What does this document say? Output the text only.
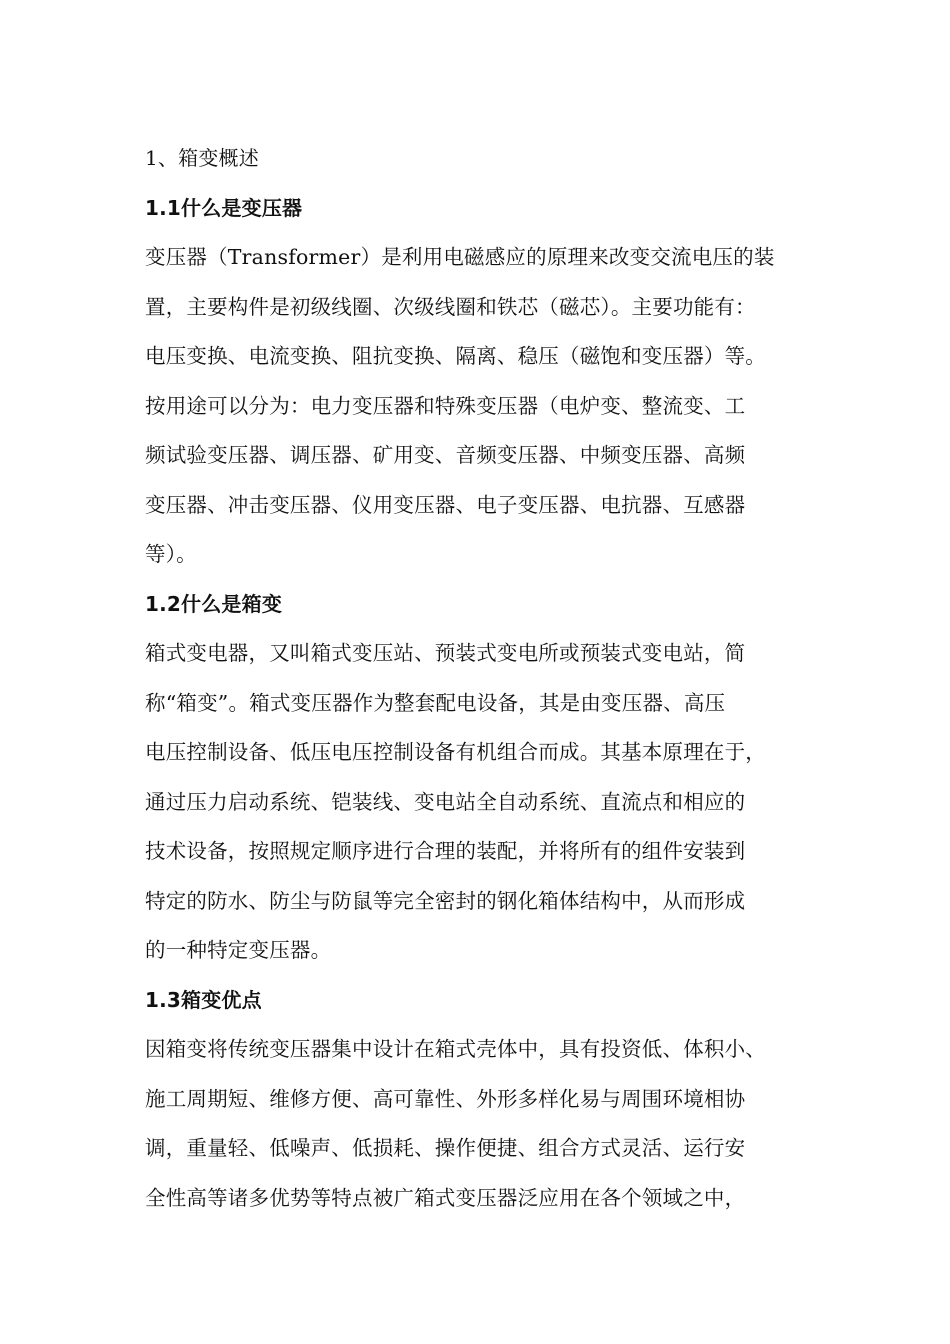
1、箱变概述
1.1什么是变压器
变压器（Transformer）是利用电磁感应的原理来改变交流电压的装
置，主要构件是初级线圈、次级线圈和铁芯（磁芯）。主要功能有：
电压变换、电流变换、阻抗变换、隔离、稳压（磁饱和变压器）等。
按用途可以分为：电力变压器和特殊变压器（电炉变、整流变、工
频试验变压器、调压器、矿用变、音频变压器、中频变压器、高频
变压器、冲击变压器、仪用变压器、电子变压器、电抗器、互感器
等）。
1.2什么是箱变
箱式变电器，又叫箱式变压站、预装式变电所或预装式变电站，简
称“箱变”。箱式变压器作为整套配电设备，其是由变压器、高压
电压控制设备、低压电压控制设备有机组合而成。其基本原理在于，
通过压力启动系统、铠装线、变电站全自动系统、直流点和相应的
技术设备，按照规定顺序进行合理的装配，并将所有的组件安装到
特定的防水、防尘与防鼠等完全密封的钢化箱体结构中，从而形成
的一种特定变压器。
1.3箱变优点
因箱变将传统变压器集中设计在箱式壳体中，具有投资低、体积小、
施工周期短、维修方便、高可靠性、外形多样化易与周围环境相协
调，重量轻、低噪声、低损耗、操作便捷、组合方式灵活、运行安
全性高等诸多优势等特点被广箱式变压器泛应用在各个领域之中，
